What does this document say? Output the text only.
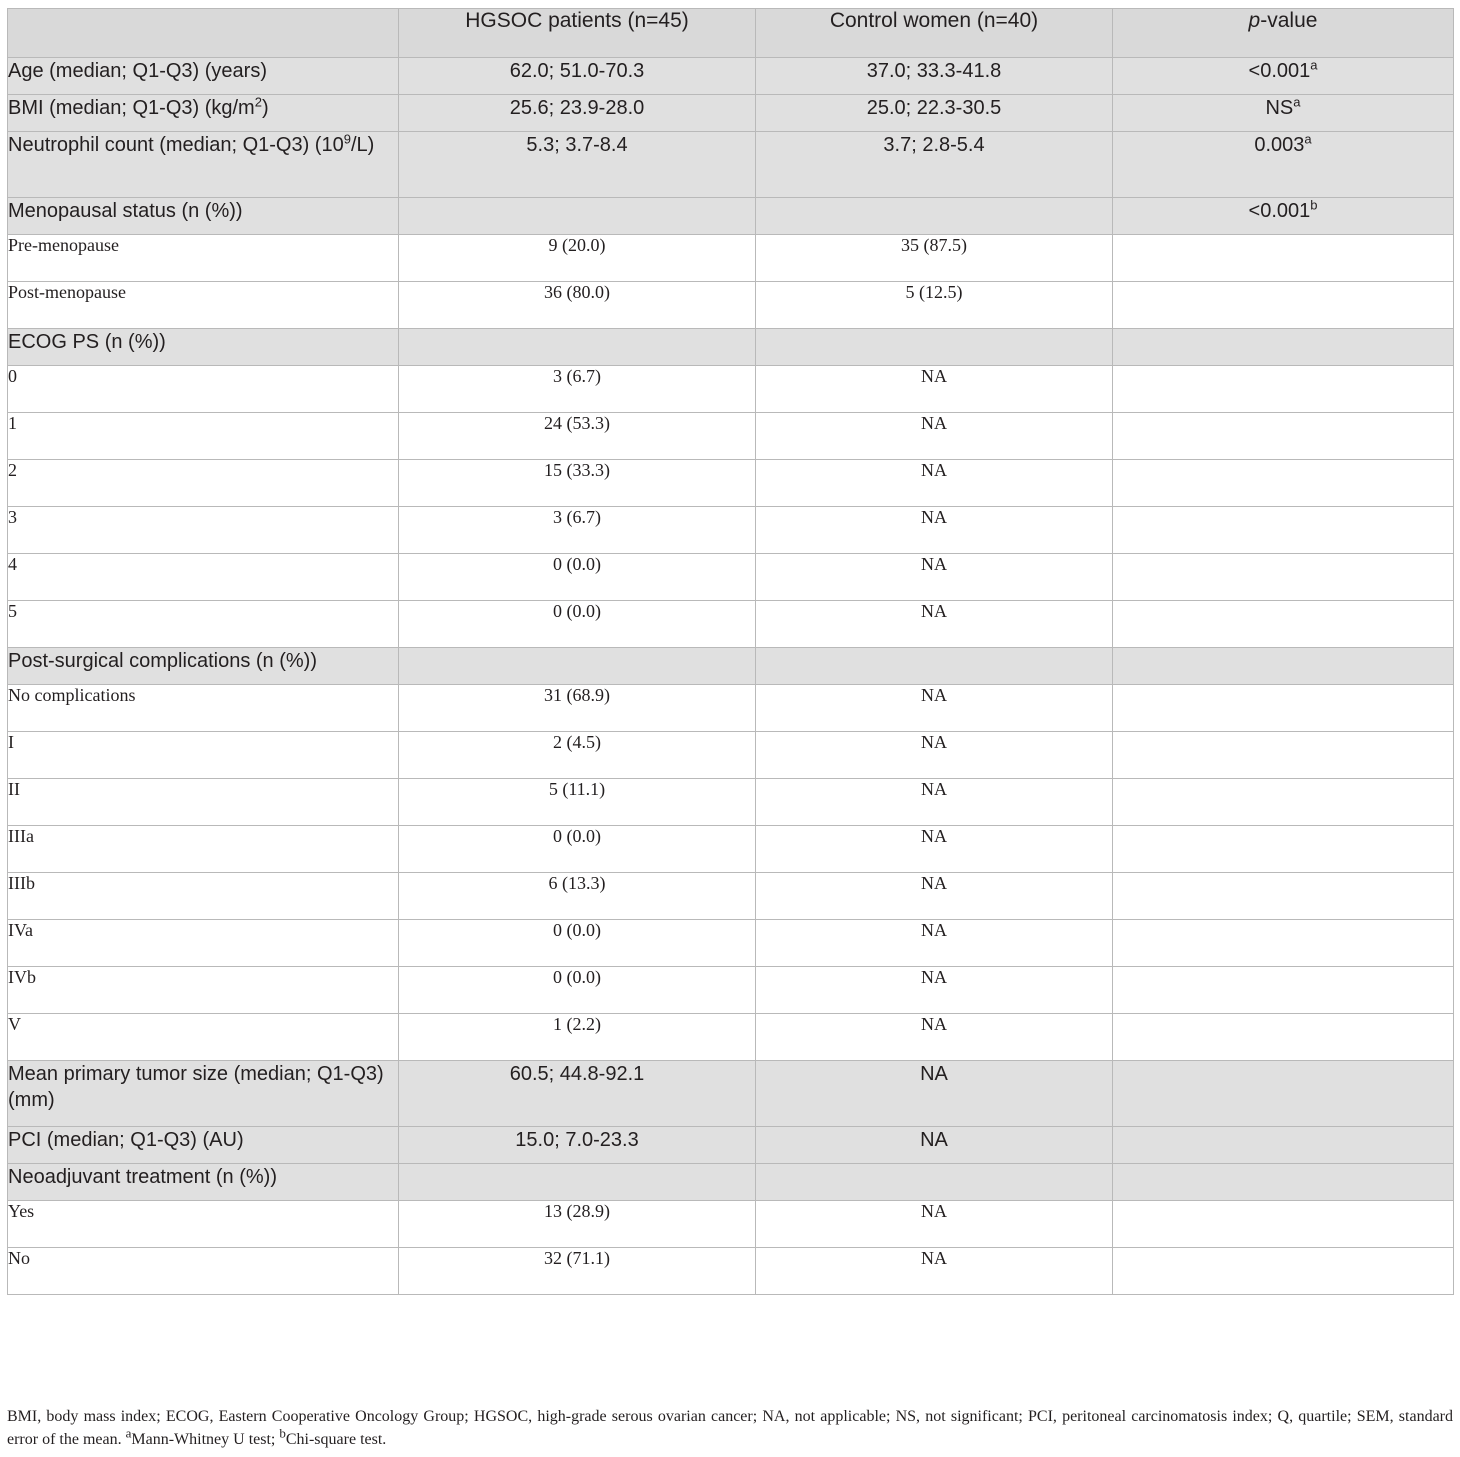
	HGSOC patients (n=45)	Control women (n=40)	p-value
Age (median; Q1-Q3) (years)	62.0; 51.0-70.3	37.0; 33.3-41.8	<0.001$^a$
BMI (median; Q1-Q3) $(kg/m^2)$	25.6; 23.9-28.0	25.0; 22.3-30.5	$NS^a$
Neutrophil count (median; Q1-Q3) $(10^9/L)$	5.3; 3.7-8.4	3.7; 2.8-5.4	0.003$^a$
Menopausal status (n (%))			<0.001$^b$
Pre-menopause	9 (20.0)	35 (87.5)	
Post-menopause	36 (80.0)	5 (12.5)	
ECOG PS (n (%))			
0	3 (6.7)	NA	
1	24 (53.3)	NA	
2	15 (33.3)	NA	
3	3 (6.7)	NA	
4	0 (0.0)	NA	
5	0 (0.0)	NA	
Post-surgical complications (n (%))			
No complications	31 (68.9)	NA	
I	2 (4.5)	NA	
II	5 (11.1)	NA	
IIIa	0 (0.0)	NA	
IIIb	6 (13.3)	NA	
IVa	0 (0.0)	NA	
IVb	0 (0.0)	NA	
V	1 (2.2)	NA	
Mean primary tumor size (median; Q1-Q3) (mm)	60.5; 44.8-92.1	NA	
PCI (median; Q1-Q3) (AU)	15.0; 7.0-23.3	NA	
Neoadjuvant treatment (n (%))			
Yes	13 (28.9)	NA	
No	32 (71.1)	NA	
BMI, body mass index; ECOG, Eastern Cooperative Oncology Group; HGSOC, high-grade serous ovarian cancer; NA, not applicable; NS, not significant; PCI, peritoneal carcinomatosis index; Q, quartile; SEM, standard error of the mean. $^a$Mann-Whitney U test; $^b$Chi-square test.
